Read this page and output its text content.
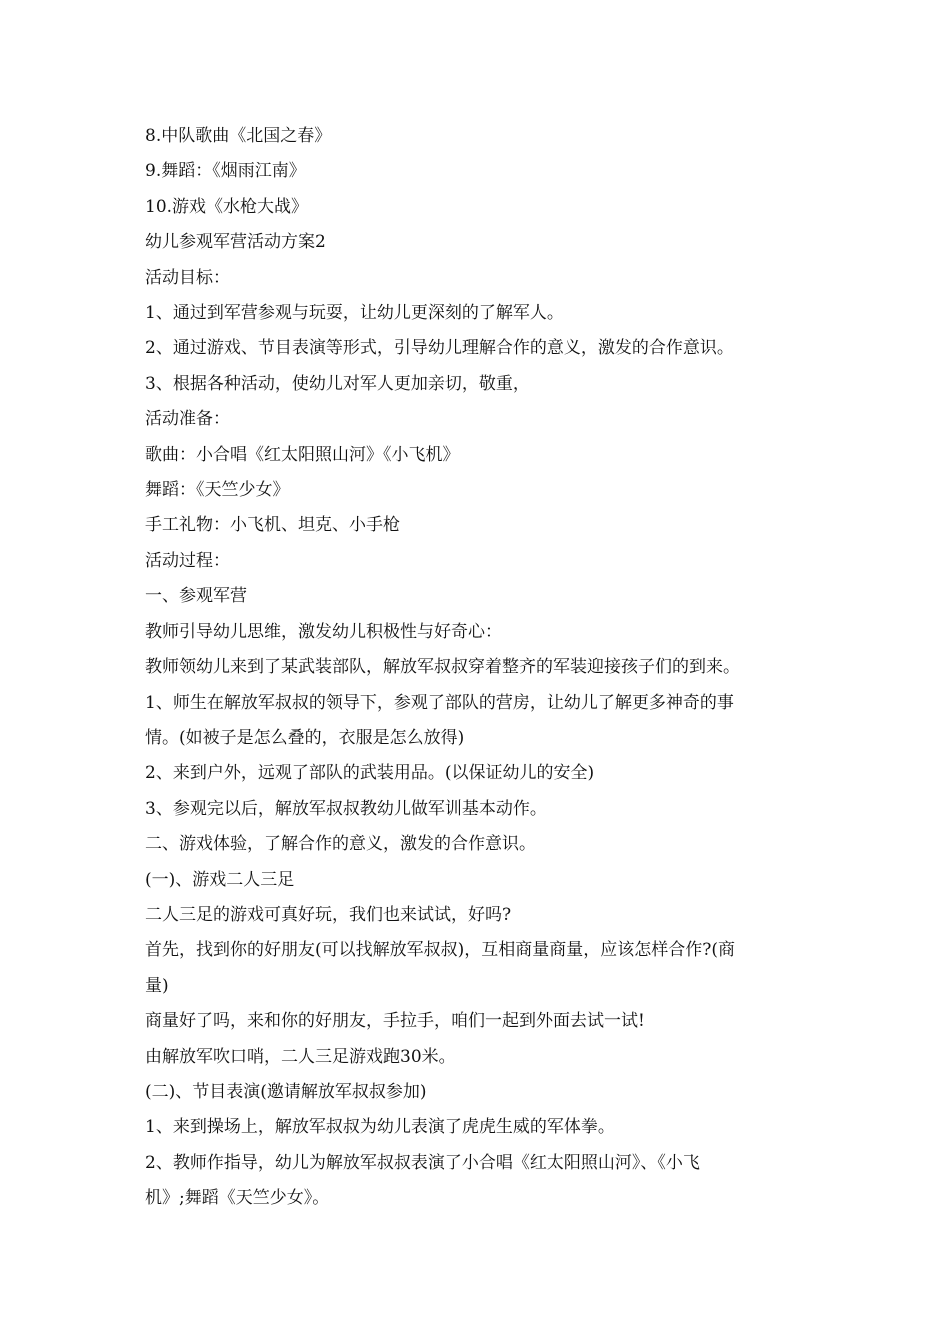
8.中队歌曲《北国之春》

9.舞蹈：《烟雨江南》

10.游戏《水枪大战》

幼儿参观军营活动方案2

活动目标：

1、通过到军营参观与玩耍，让幼儿更深刻的了解军人。

2、通过游戏、节目表演等形式，引导幼儿理解合作的意义，激发的合作意识。

3、根据各种活动，使幼儿对军人更加亲切，敬重，

活动准备：

歌曲：小合唱《红太阳照山河》《小飞机》

舞蹈：《天竺少女》

手工礼物：小飞机、坦克、小手枪

活动过程：

一、参观军营

教师引导幼儿思维，激发幼儿积极性与好奇心：

教师领幼儿来到了某武装部队，解放军叔叔穿着整齐的军装迎接孩子们的到来。

1、师生在解放军叔叔的领导下，参观了部队的营房，让幼儿了解更多神奇的事

情。(如被子是怎么叠的，衣服是怎么放得)

2、来到户外，远观了部队的武装用品。(以保证幼儿的安全)

3、参观完以后，解放军叔叔教幼儿做军训基本动作。

二、游戏体验，了解合作的意义，激发的合作意识。

(一)、游戏二人三足

二人三足的游戏可真好玩，我们也来试试，好吗?

首先，找到你的好朋友(可以找解放军叔叔)，互相商量商量，应该怎样合作?(商

量)

商量好了吗，来和你的好朋友，手拉手，咱们一起到外面去试一试!

由解放军吹口哨，二人三足游戏跑30米。

(二)、节目表演(邀请解放军叔叔参加)

1、来到操场上，解放军叔叔为幼儿表演了虎虎生威的军体拳。

2、教师作指导，幼儿为解放军叔叔表演了小合唱《红太阳照山河》、《小飞

机》;舞蹈《天竺少女》。
